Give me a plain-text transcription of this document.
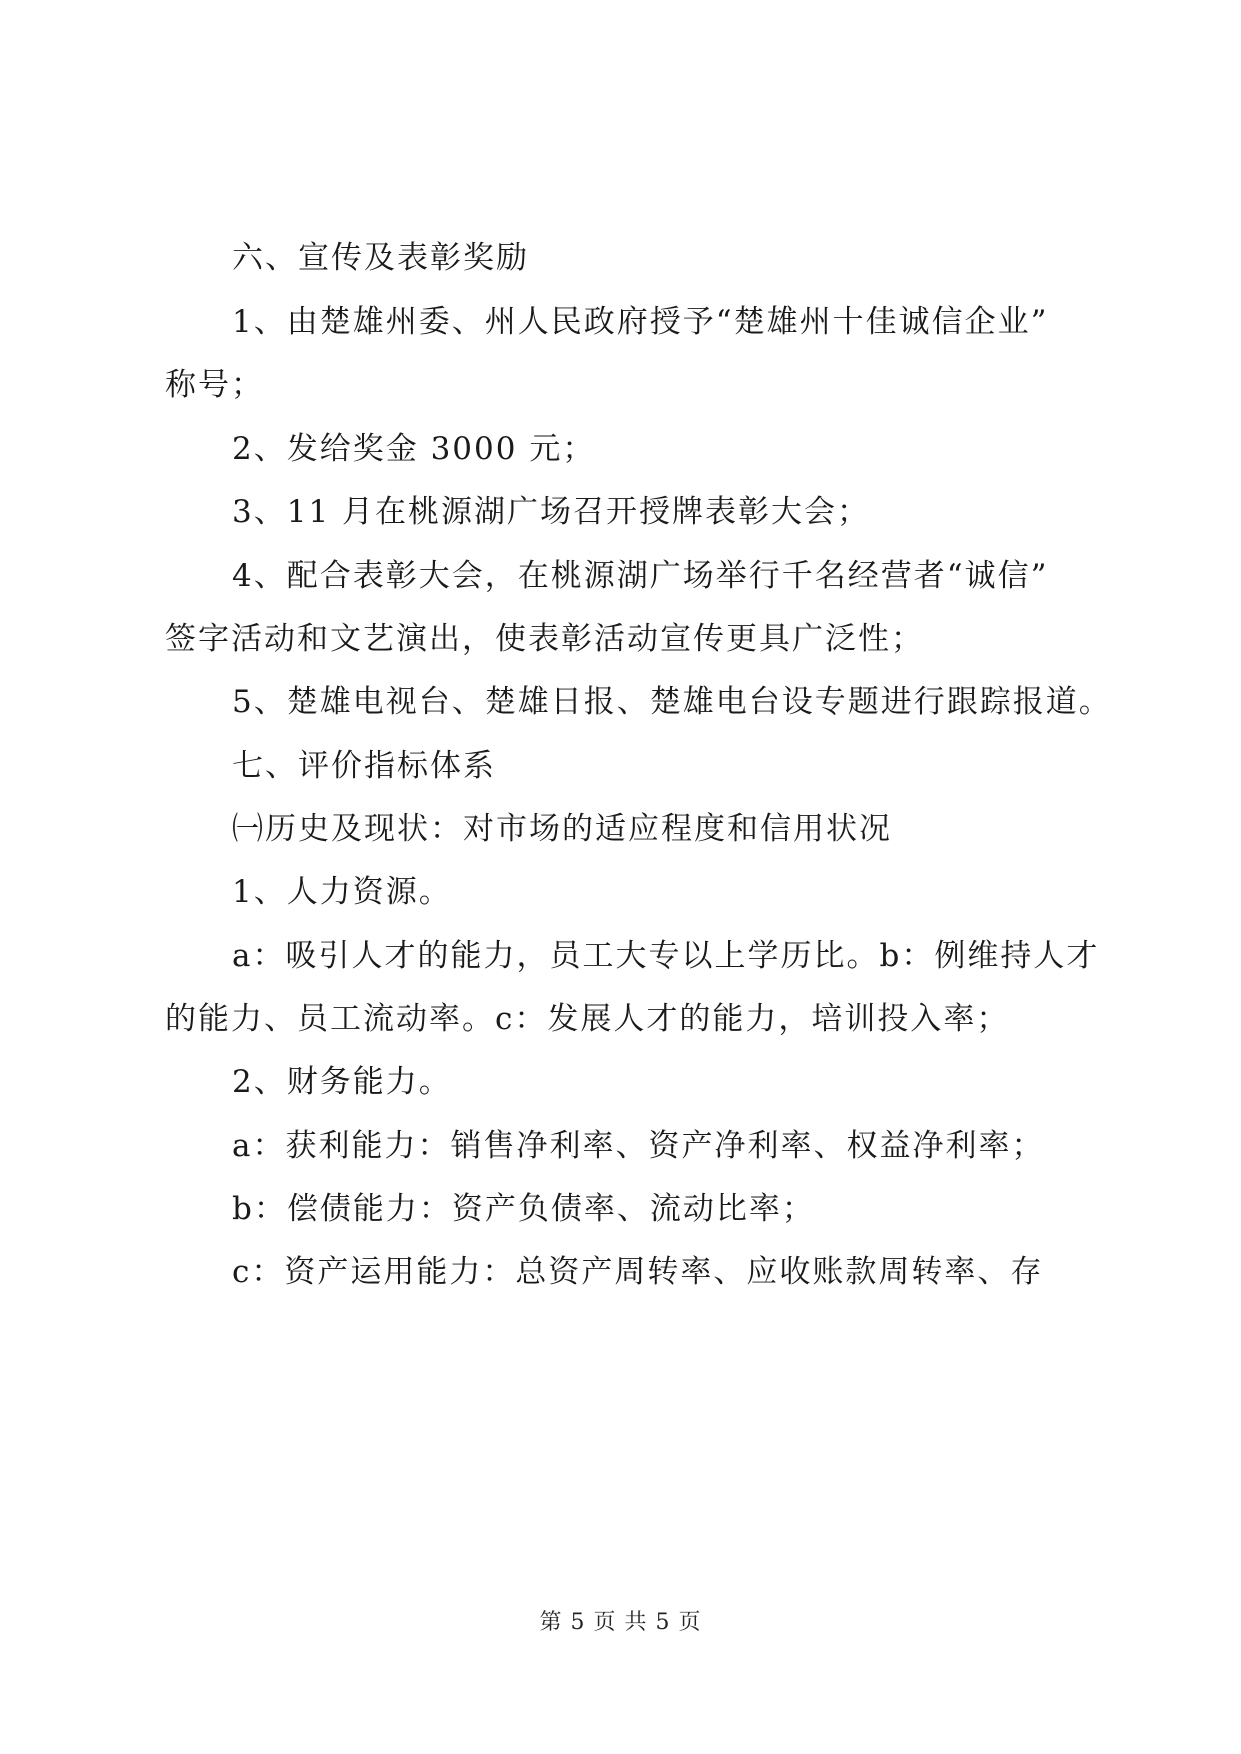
六、宣传及表彰奖励
1、由楚雄州委、州人民政府授予“楚雄州十佳诚信企业”
称号；
2、发给奖金 3000 元；
3、11 月在桃源湖广场召开授牌表彰大会；
4、配合表彰大会，在桃源湖广场举行千名经营者“诚信”
签字活动和文艺演出，使表彰活动宣传更具广泛性；
5、楚雄电视台、楚雄日报、楚雄电台设专题进行跟踪报道。
七、评价指标体系
㈠历史及现状：对市场的适应程度和信用状况
1、人力资源。
a：吸引人才的能力，员工大专以上学历比。b：例维持人才
的能力、员工流动率。c：发展人才的能力，培训投入率；
2、财务能力。
a：获利能力：销售净利率、资产净利率、权益净利率；
b：偿债能力：资产负债率、流动比率；
c：资产运用能力：总资产周转率、应收账款周转率、存
第 5 页 共 5 页
